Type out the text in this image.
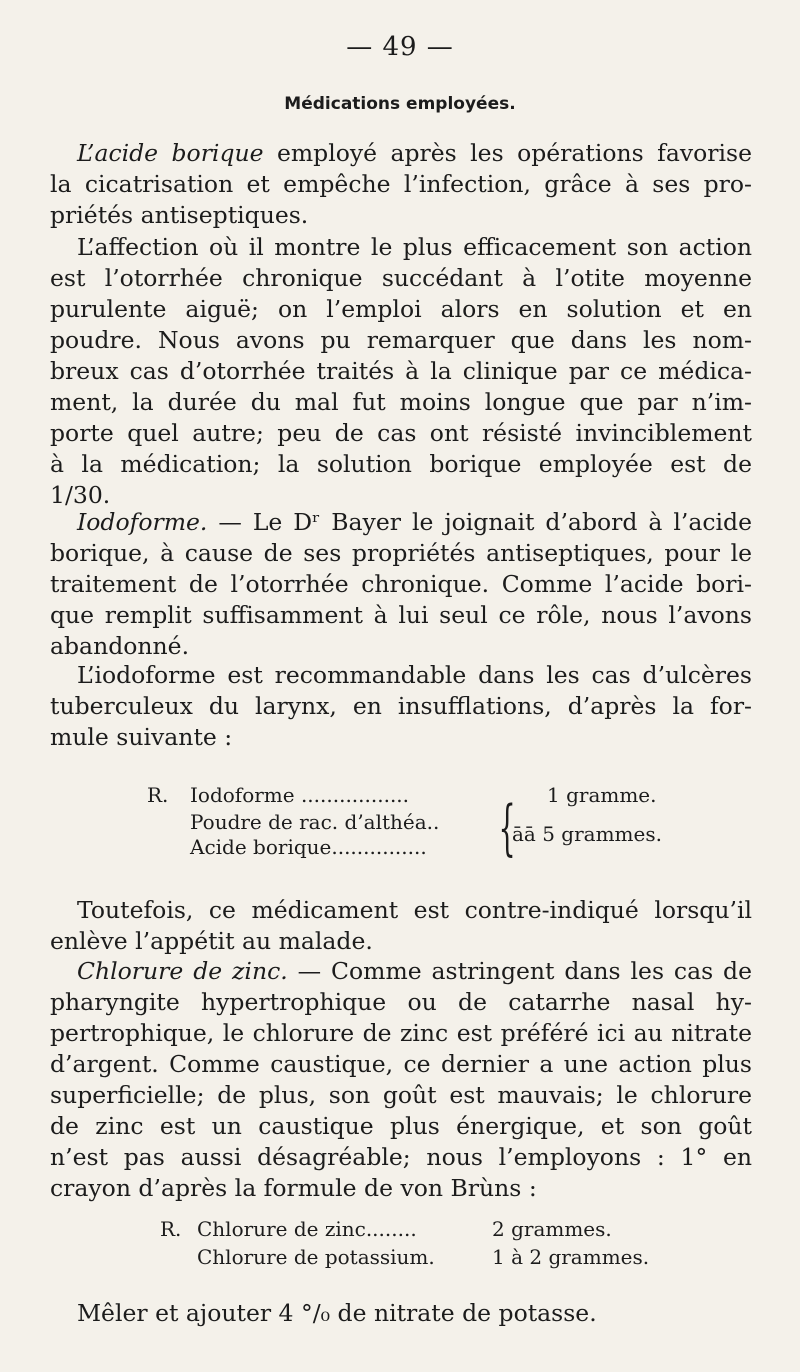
— 49 —
Médications employées.
L’acide borique employé après les opérations favorise
la cicatrisation et empêche l’infection, grâce à ses pro-
priétés antiseptiques.
L’affection où il montre le plus efficacement son action
est l’otorrhée chronique succédant à l’otite moyenne
purulente aiguë; on l’emploi alors en solution et en
poudre. Nous avons pu remarquer que dans les nom-
breux cas d’otorrhée traités à la clinique par ce médica-
ment, la durée du mal fut moins longue que par n’im-
porte quel autre; peu de cas ont résisté invinciblement
à la médication; la solution borique employée est de
1/30.
Iodoforme. — Le Dʳ Bayer le joignait d’abord à l’acide
borique, à cause de ses propriétés antiseptiques, pour le
traitement de l’otorrhée chronique. Comme l’acide bori-
que remplit suffisamment à lui seul ce rôle, nous l’avons
abandonné.
L’iodoforme est recommandable dans les cas d’ulcères
tuberculeux du larynx, en insufflations, d’après la for-
mule suivante :
R. Iodoforme .................	1 gramme.
Poudre de rac. d’althéa..
Acide borique............... {
āā 5 grammes.
Toutefois, ce médicament est contre-indiqué lorsqu’il
enlève l’appétit au malade.
Chlorure de zinc. — Comme astringent dans les cas de
pharyngite hypertrophique ou de catarrhe nasal hy-
pertrophique, le chlorure de zinc est préféré ici au nitrate
d’argent. Comme caustique, ce dernier a une action plus
superficielle; de plus, son goût est mauvais; le chlorure
de zinc est un caustique plus énergique, et son goût
n’est pas aussi désagréable; nous l’employons : 1° en
crayon d’après la formule de von Brùns :
R. Chlorure de zinc........	2 grammes.
Chlorure de potassium.	1 à 2 grammes.
Mêler et ajouter 4 °/₀ de nitrate de potasse.
